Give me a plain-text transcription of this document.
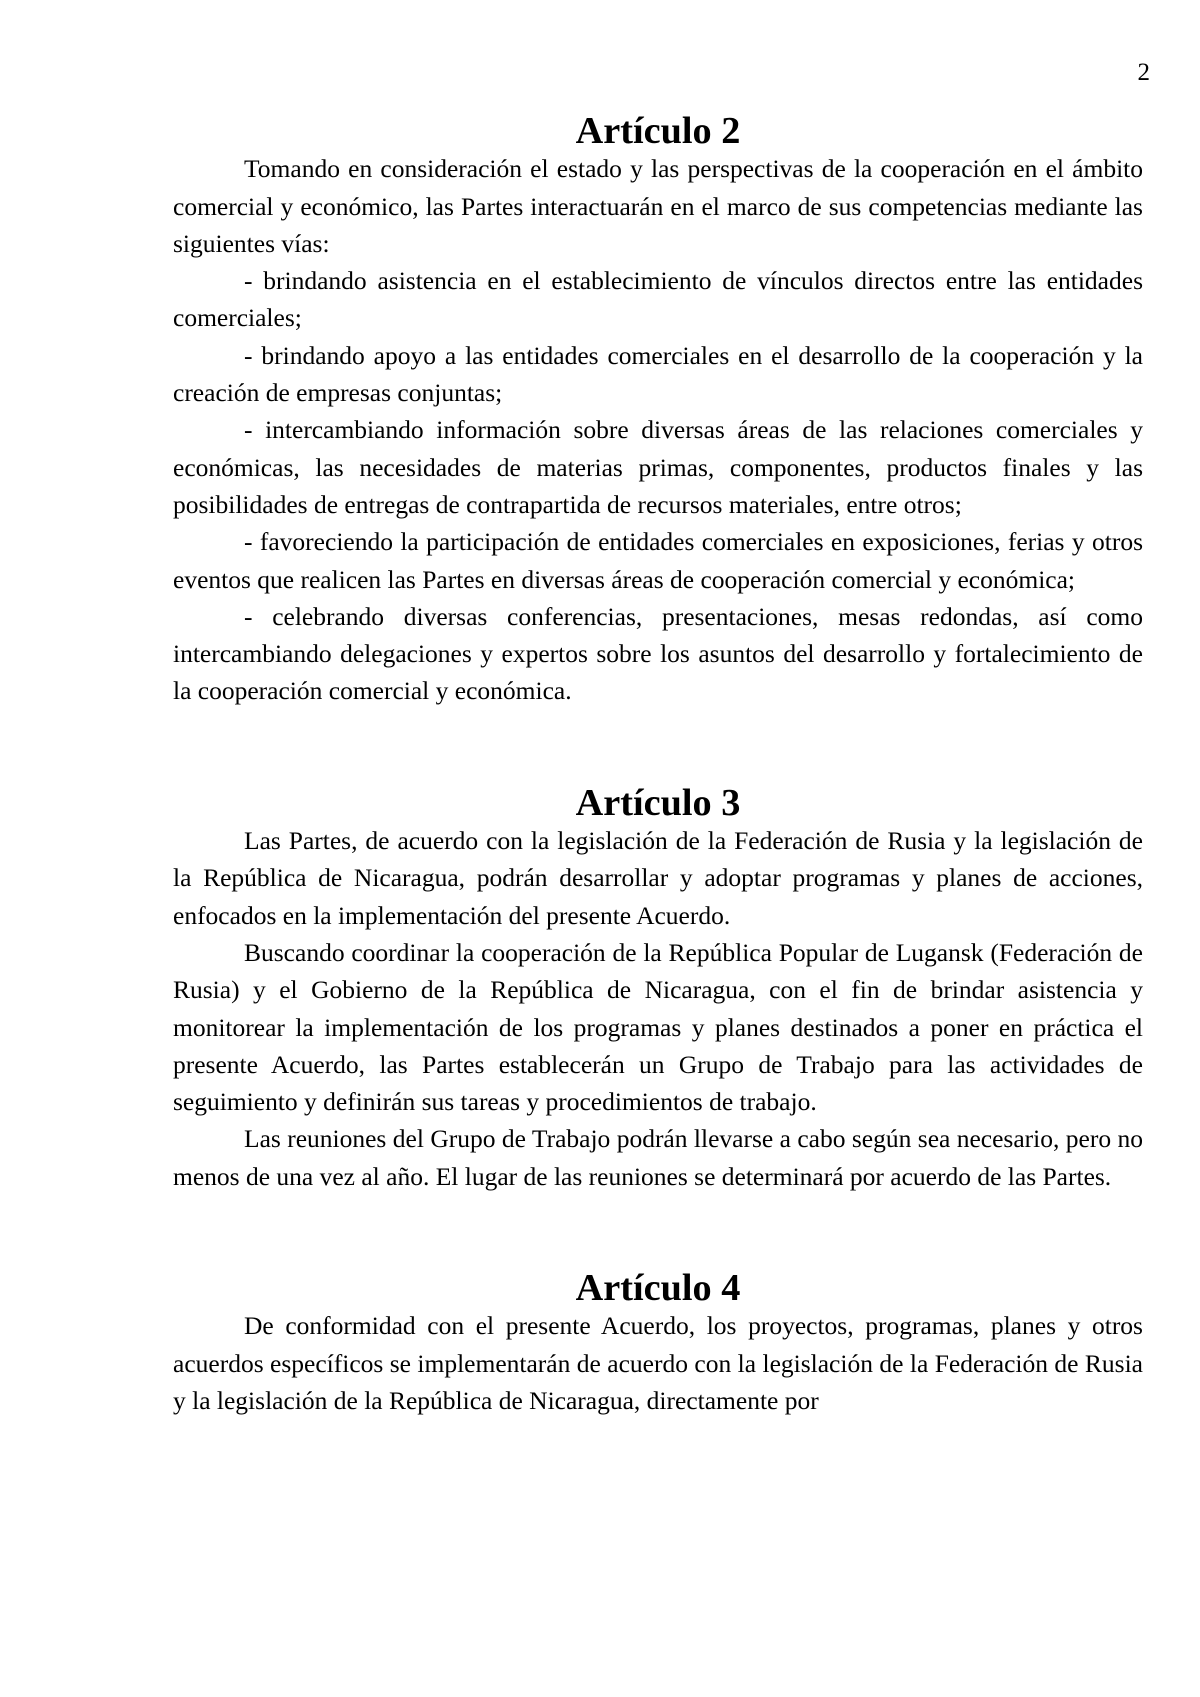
2
Artículo 2

Tomando en consideración el estado y las perspectivas de la cooperación en el ámbito comercial y económico, las Partes interactuarán en el marco de sus competencias mediante las siguientes vías:

- brindando asistencia en el establecimiento de vínculos directos entre las entidades comerciales;

- brindando apoyo a las entidades comerciales en el desarrollo de la cooperación y la creación de empresas conjuntas;

- intercambiando información sobre diversas áreas de las relaciones comerciales y económicas, las necesidades de materias primas, componentes, productos finales y las posibilidades de entregas de contrapartida de recursos materiales, entre otros;

- favoreciendo la participación de entidades comerciales en exposiciones, ferias y otros eventos que realicen las Partes en diversas áreas de cooperación comercial y económica;

- celebrando diversas conferencias, presentaciones, mesas redondas, así como intercambiando delegaciones y expertos sobre los asuntos del desarrollo y fortalecimiento de la cooperación comercial y económica.

Artículo 3

Las Partes, de acuerdo con la legislación de la Federación de Rusia y la legislación de la República de Nicaragua, podrán desarrollar y adoptar programas y planes de acciones, enfocados en la implementación del presente Acuerdo.

Buscando coordinar la cooperación de la República Popular de Lugansk (Federación de Rusia) y el Gobierno de la República de Nicaragua, con el fin de brindar asistencia y monitorear la implementación de los programas y planes destinados a poner en práctica el presente Acuerdo, las Partes establecerán un Grupo de Trabajo para las actividades de seguimiento y definirán sus tareas y procedimientos de trabajo.

Las reuniones del Grupo de Trabajo podrán llevarse a cabo según sea necesario, pero no menos de una vez al año. El lugar de las reuniones se determinará por acuerdo de las Partes.

Artículo 4

De conformidad con el presente Acuerdo, los proyectos, programas, planes y otros acuerdos específicos se implementarán de acuerdo con la legislación de la Federación de Rusia y la legislación de la República de Nicaragua, directamente por
